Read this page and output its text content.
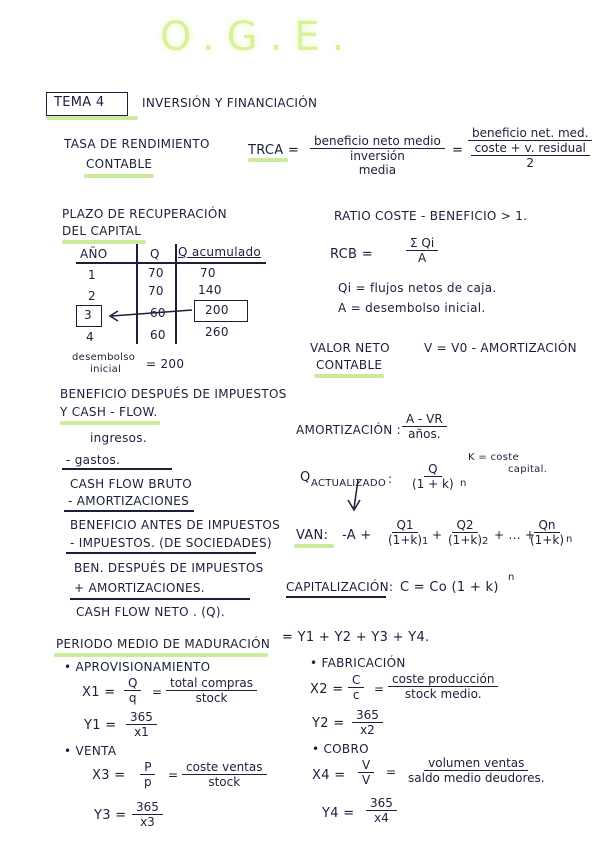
O.G.E.
TEMA 4	INVERSIÓN Y FINANCIACIÓN
TASA DE RENDIMIENTO
CONTABLE
TRCA =
beneficio neto medio
inversión
media
=
beneficio net. med.
coste + v. residual
2
PLAZO DE RECUPERACIÓN
DEL CAPITAL
AÑO	Q Q acumulado
1	70	70
2	70	140
3	60	200
4	60	260
desembolso
inicial = 200
RATIO COSTE - BENEFICIO > 1.
RCB =	$\frac{\text{Σ Qi}}{A}$
Qi = flujos netos de caja.
A = desembolso inicial.
VALOR NETO
CONTABLE
V = V0 - AMORTIZACIÓN
BENEFICIO DESPUÉS DE IMPUESTOS
Y CASH - FLOW.
ingresos.
- gastos.
CASH FLOW BRUTO
- AMORTIZACIONES
BENEFICIO ANTES DE IMPUESTOS
- IMPUESTOS. (DE SOCIEDADES)
BEN. DESPUÉS DE IMPUESTOS
+ AMORTIZACIONES.
CASH FLOW NETO . (Q).
AMORTIZACIÓN :
A - VR
años.
Q ACTUALIZADO : $\frac{Q}{(1 + k)}$ n
K = coste
capital.
VAN: $-A + \frac{Q1}{(1+k)}$
$1 + \frac{Q2}{(1+k)}$
2 + ... +
$\frac{Qn}{(1+k)}$
n
CAPITALIZACIÓN: C = Co (1 + k)
n
PERIODO MEDIO DE MADURACIÓN = Y1 + Y2 + Y3 + Y4.
• APROVISIONAMIENTO
$X1 = \frac{Q}{q}$ =
total compras
stock
$Y1 = \frac{365}{x1}$
• VENTA
$X3 = \frac{P}{p}$ =
coste ventas
stock
$Y3 = \frac{365}{x3}$
• FABRICACIÓN
$X2 = \frac{C}{c}$ =
coste producción
stock medio.
$Y2 = \frac{365}{x2}$
• COBRO
$X4 = \frac{V}{V}$ =
volumen ventas
saldo medio deudores.
$Y4 = \frac{365}{x4}$
